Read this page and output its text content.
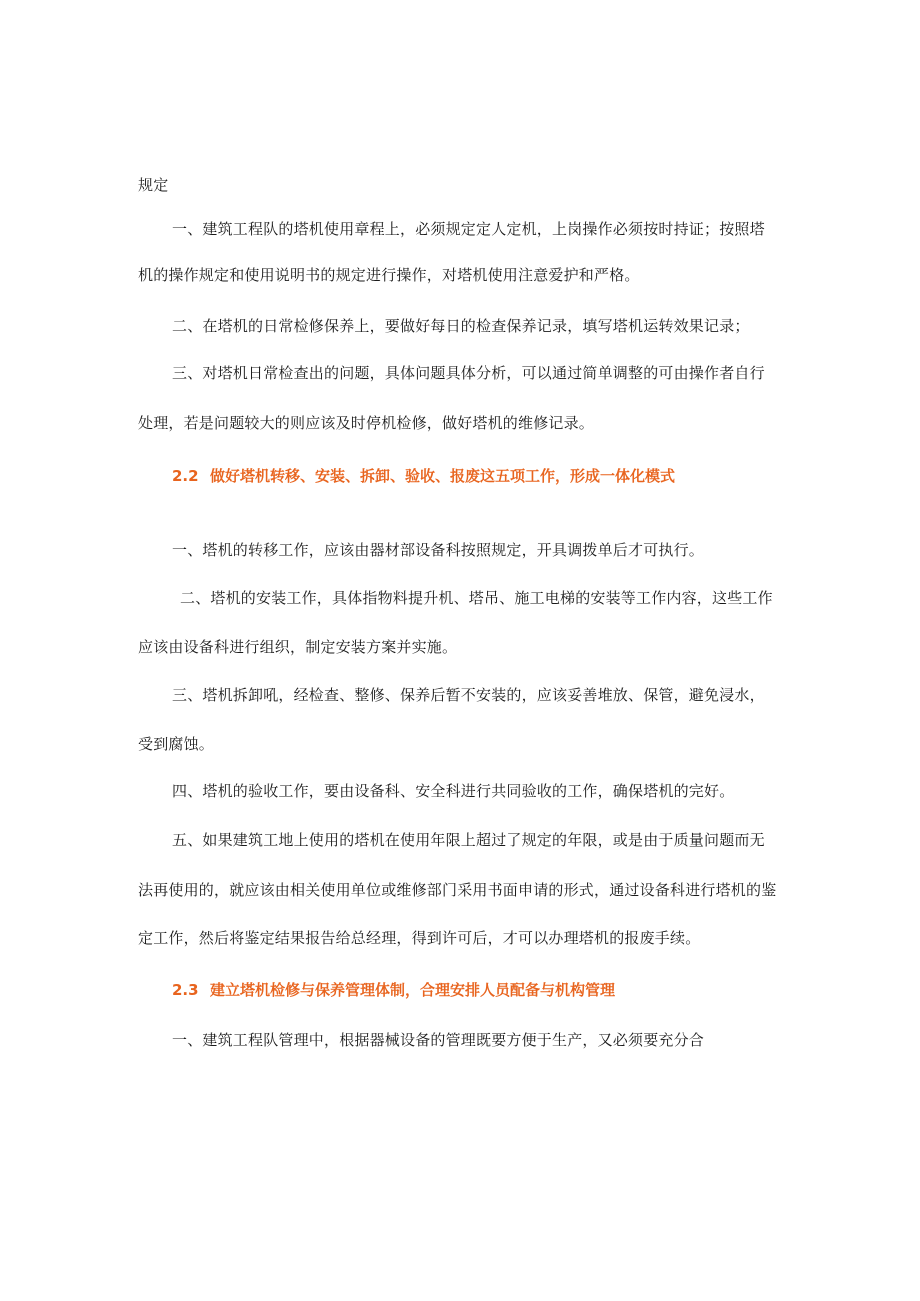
规定
一、建筑工程队的塔机使用章程上，必须规定定人定机，上岗操作必须按时持证；按照塔
机的操作规定和使用说明书的规定进行操作，对塔机使用注意爱护和严格。
二、在塔机的日常检修保养上，要做好每日的检查保养记录，填写塔机运转效果记录；
三、对塔机日常检查出的问题，具体问题具体分析，可以通过简单调整的可由操作者自行
处理，若是问题较大的则应该及时停机检修，做好塔机的维修记录。
2.2 做好塔机转移、安装、拆卸、验收、报废这五项工作，形成一体化模式
一、塔机的转移工作，应该由器材部设备科按照规定，开具调拨单后才可执行。
二、塔机的安装工作，具体指物料提升机、塔吊、施工电梯的安装等工作内容，这些工作
应该由设备科进行组织，制定安装方案并实施。
三、塔机拆卸吼，经检查、整修、保养后暂不安装的，应该妥善堆放、保管，避免浸水，
受到腐蚀。
四、塔机的验收工作，要由设备科、安全科进行共同验收的工作，确保塔机的完好。
五、如果建筑工地上使用的塔机在使用年限上超过了规定的年限，或是由于质量问题而无
法再使用的，就应该由相关使用单位或维修部门采用书面申请的形式，通过设备科进行塔机的鉴
定工作，然后将鉴定结果报告给总经理，得到许可后，才可以办理塔机的报废手续。
2.3 建立塔机检修与保养管理体制，合理安排人员配备与机构管理
一、建筑工程队管理中，根据器械设备的管理既要方便于生产，又必须要充分合
